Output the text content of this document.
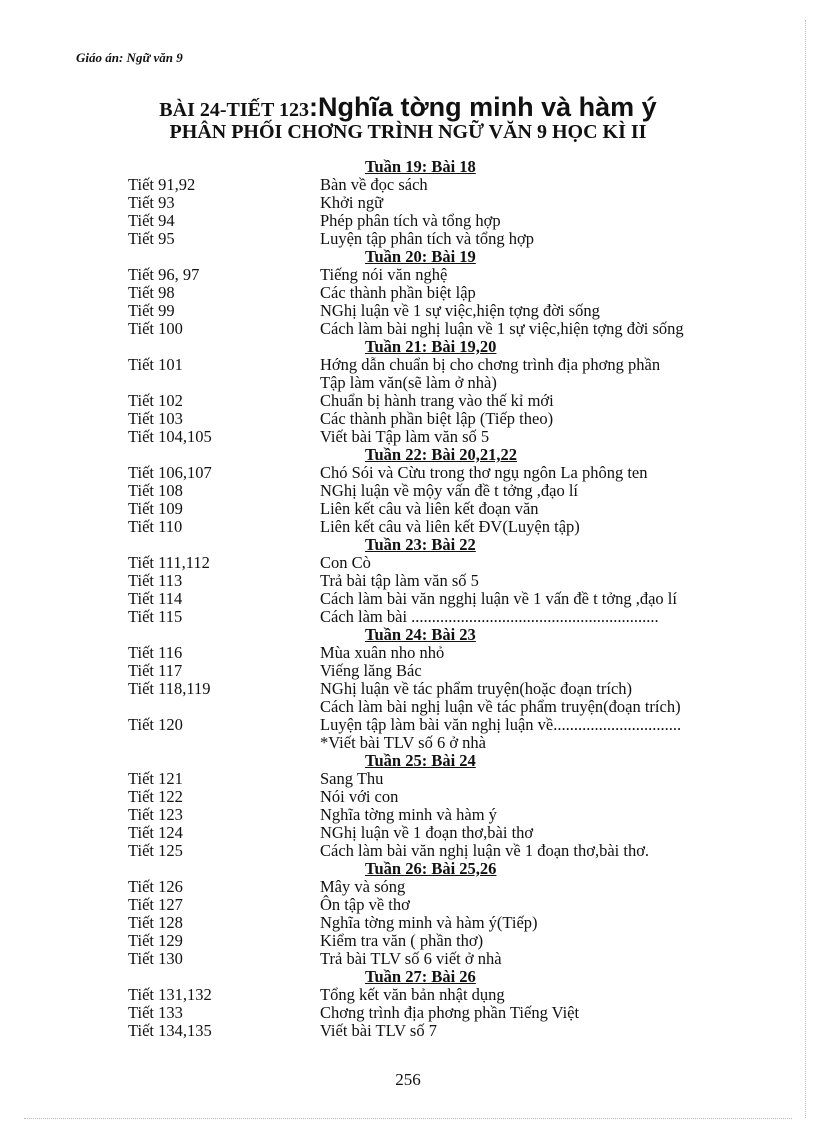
Giáo án: Ngữ văn 9
BÀI 24-TIẾT 123:Nghĩa tờng minh và hàm ý
PHÂN PHỐI CHƠNG TRÌNH NGỮ VĂN 9 HỌC KÌ II
Tuần 19: Bài 18
Tiết 91,92	Bàn về đọc sách
Tiết 93	Khởi ngữ
Tiết 94	Phép phân tích và tổng hợp
Tiết 95	Luyện tập phân tích và tổng hợp
Tuần 20: Bài 19
Tiết 96, 97	Tiếng nói văn nghệ
Tiết 98	Các thành phần biệt lập
Tiết 99	NGhị luận về 1 sự việc,hiện tợng đời sống
Tiết 100	Cách làm bài nghị luận về 1 sự việc,hiện tợng đời sống
Tuần 21: Bài 19,20
Tiết 101	Hớng dẫn chuẩn bị cho chơng trình địa phơng phần
Tập làm văn(sẽ làm ở nhà)
Tiết 102	Chuẩn bị hành trang vào thế kỉ mới
Tiết 103	Các thành phần biệt lập (Tiếp theo)
Tiết 104,105	Viết bài Tập làm văn số 5
Tuần 22: Bài 20,21,22
Tiết 106,107	Chó Sói và Cừu trong thơ ngụ ngôn La phông ten
Tiết 108	NGhị luận về mộy vấn đề t tởng ,đạo lí
Tiết 109	Liên kết câu và liên kết đoạn văn
Tiết 110	Liên kết câu và liên kết ĐV(Luyện tập)
Tuần 23: Bài 22
Tiết 111,112	Con Cò
Tiết 113	Trả bài tập làm văn số 5
Tiết 114	Cách làm bài văn ngghị luận về 1 vấn đề t tởng ,đạo lí
Tiết 115	Cách làm bài ............................................................
Tuần 24: Bài 23
Tiết 116	Mùa xuân nho nhỏ
Tiết 117	Viếng lăng Bác
Tiết 118,119	NGhị luận về tác phẩm truyện(hoặc đoạn trích)
Cách làm bài nghị luận về tác phẩm truyện(đoạn trích)
Tiết 120	Luyện tập làm bài văn nghị luận về...............................
*Viết bài TLV số 6 ở nhà
Tuần 25: Bài 24
Tiết 121	Sang Thu
Tiết 122	Nói với con
Tiết 123	Nghĩa tờng minh và hàm ý
Tiết 124	NGhị luận về 1 đoạn thơ,bài thơ
Tiết 125	Cách làm bài văn nghị luận về 1 đoạn thơ,bài thơ.
Tuần 26: Bài 25,26
Tiết 126	Mây và sóng
Tiết 127	Ôn tập về thơ
Tiết 128	Nghĩa tờng minh và hàm ý(Tiếp)
Tiết 129	Kiểm tra văn ( phần thơ)
Tiết 130	Trả bài TLV số 6 viết ở nhà
Tuần 27: Bài 26
Tiết 131,132	Tổng kết văn bản nhật dụng
Tiết 133	Chơng trình địa phơng phần Tiếng Việt
Tiết 134,135	Viết bài TLV số 7
256
